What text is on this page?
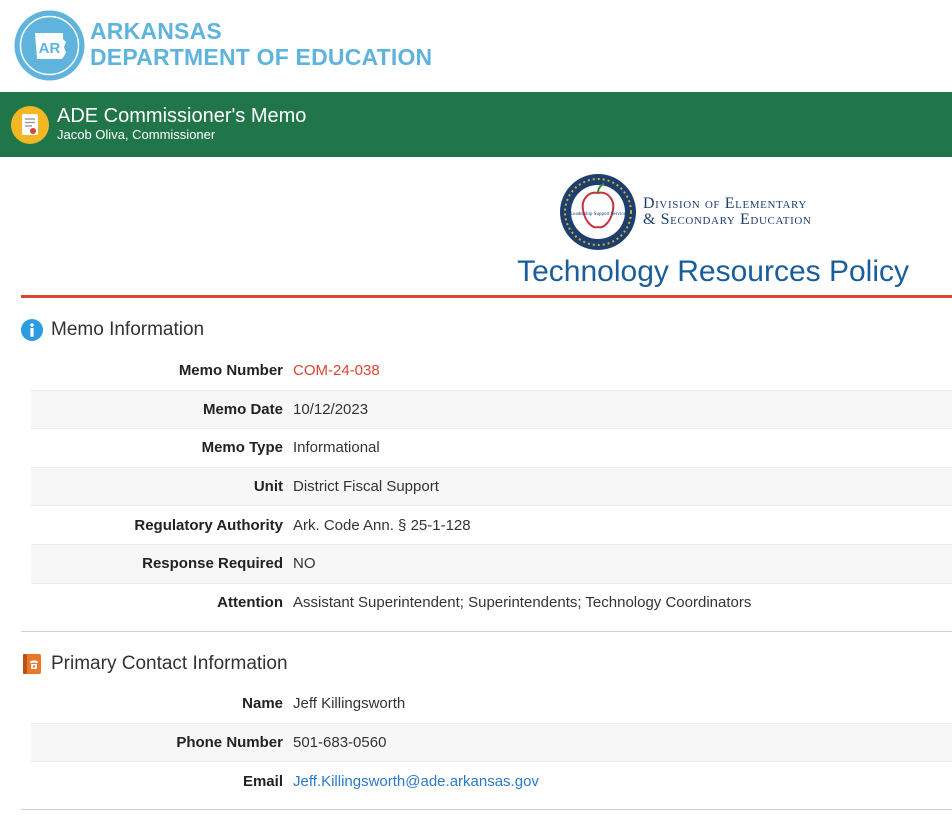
AR
ARKANSAS
DEPARTMENT OF EDUCATION
ADE Commissioner's Memo
Jacob Oliva, Commissioner
Leadership Support Service
Division of Elementary
& Secondary Education
Technology Resources Policy
Memo Information
Memo Number COM-24-038
Memo Date 10/12/2023
Memo Type Informational
Unit District Fiscal Support
Regulatory Authority Ark. Code Ann. § 25-1-128
Response Required NO
Attention Assistant Superintendent; Superintendents; Technology Coordinators
Primary Contact Information
Name Jeff Killingsworth
Phone Number 501-683-0560
Email Jeff.Killingsworth@ade.arkansas.gov
